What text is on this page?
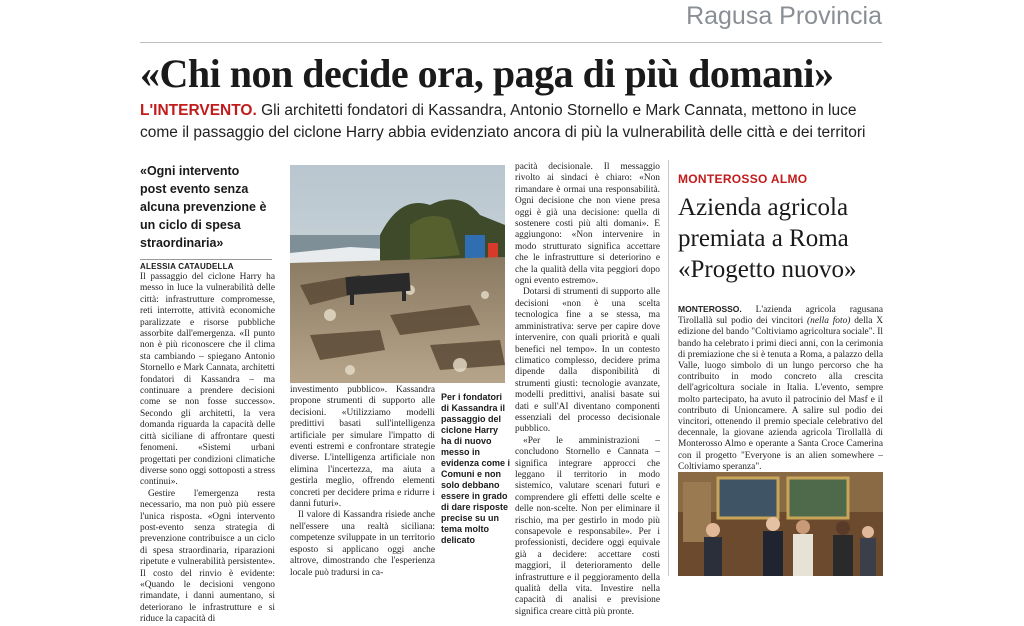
Ragusa Provincia
«Chi non decide ora, paga di più domani»
L'INTERVENTO. Gli architetti fondatori di Kassandra, Antonio Stornello e Mark Cannata, mettono in luce come il passaggio del ciclone Harry abbia evidenziato ancora di più la vulnerabilità delle città e dei territori
«Ogni intervento post evento senza alcuna prevenzione è un ciclo di spesa straordinaria»
ALESSIA CATAUDELLA

Il passaggio del ciclone Harry ha messo in luce la vulnerabilità delle città: infrastrutture compromesse, reti interrotte, attività economiche paralizzate e risorse pubbliche assorbite dall'emergenza. «Il punto non è più riconoscere che il clima sta cambiando – spiegano Antonio Stornello e Mark Cannata, architetti fondatori di Kassandra – ma continuare a prendere decisioni come se non fosse successo». Secondo gli architetti, la vera domanda riguarda la capacità delle città siciliane di affrontare questi fenomeni. «Sistemi urbani progettati per condizioni climatiche diverse sono oggi sottoposti a stress continui».

Gestire l'emergenza resta necessario, ma non può più essere l'unica risposta. «Ogni intervento post-evento senza strategia di prevenzione contribuisce a un ciclo di spesa straordinaria, riparazioni ripetute e vulnerabilità persistente». Il costo del rinvio è evidente: «Quando le decisioni vengono rimandate, i danni aumentano, si deteriorano le infrastrutture e si riduce la capacità di

Per i fondatori di Kassandra il passaggio del ciclone Harry ha di nuovo messo in evidenza come i Comuni e non solo debbano essere in grado di dare risposte precise su un tema molto delicato

investimento pubblico». Kassandra propone strumenti di supporto alle decisioni. «Utilizziamo modelli predittivi basati sull'intelligenza artificiale per simulare l'impatto di eventi estremi e confrontare strategie diverse. L'intelligenza artificiale non elimina l'incertezza, ma aiuta a gestirla meglio, offrendo elementi concreti per decidere prima e ridurre i danni futuri».

Il valore di Kassandra risiede anche nell'essere una realtà siciliana: competenze sviluppate in un territorio esposto si applicano oggi anche altrove, dimostrando che l'esperienza locale può tradursi in ca-

pacità decisionale. Il messaggio rivolto ai sindaci è chiaro: «Non rimandare è ormai una responsabilità. Ogni decisione che non viene presa oggi è già una decisione: quella di sostenere costi più alti domani». E aggiungono: «Non intervenire in modo strutturato significa accettare che le infrastrutture si deteriorino e che la qualità della vita peggiori dopo ogni evento estremo».

Dotarsi di strumenti di supporto alle decisioni «non è una scelta tecnologica fine a se stessa, ma amministrativa: serve per capire dove intervenire, con quali priorità e quali benefici nel tempo». In un contesto climatico complesso, decidere prima dipende dalla disponibilità di strumenti giusti: tecnologie avanzate, modelli predittivi, analisi basate sui dati e sull'AI diventano componenti essenziali del processo decisionale pubblico.

«Per le amministrazioni – concludono Stornello e Cannata – significa integrare approcci che leggano il territorio in modo sistemico, valutare scenari futuri e comprendere gli effetti delle scelte e delle non-scelte. Non per eliminare il rischio, ma per gestirlo in modo più consapevole e responsabile». Per i professionisti, decidere oggi equivale già a decidere: accettare costi maggiori, il deterioramento delle infrastrutture e il peggioramento della qualità della vita. Investire nella capacità di analisi e previsione significa creare città più pronte.

MONTEROSSO ALMO
Azienda agricola premiata a Roma «Progetto nuovo»

MONTEROSSO. L'azienda agricola ragusana Tirollallà sul podio dei vincitori (nella foto) della X edizione del bando "Coltiviamo agricoltura sociale". Il bando ha celebrato i primi dieci anni, con la cerimonia di premiazione che si è tenuta a Roma, a palazzo della Valle, luogo simbolo di un lungo percorso che ha contribuito in modo concreto alla crescita dell'agricoltura sociale in Italia. L'evento, sempre molto partecipato, ha avuto il patrocinio del Masf e il contributo di Unioncamere. A salire sul podio dei vincitori, ottenendo il premio speciale celebrativo del decennale, la giovane azienda agricola Tirollallà di Monterosso Almo e operante a Santa Croce Camerina con il progetto "Everyone is an alien somewhere – Coltiviamo speranza".
